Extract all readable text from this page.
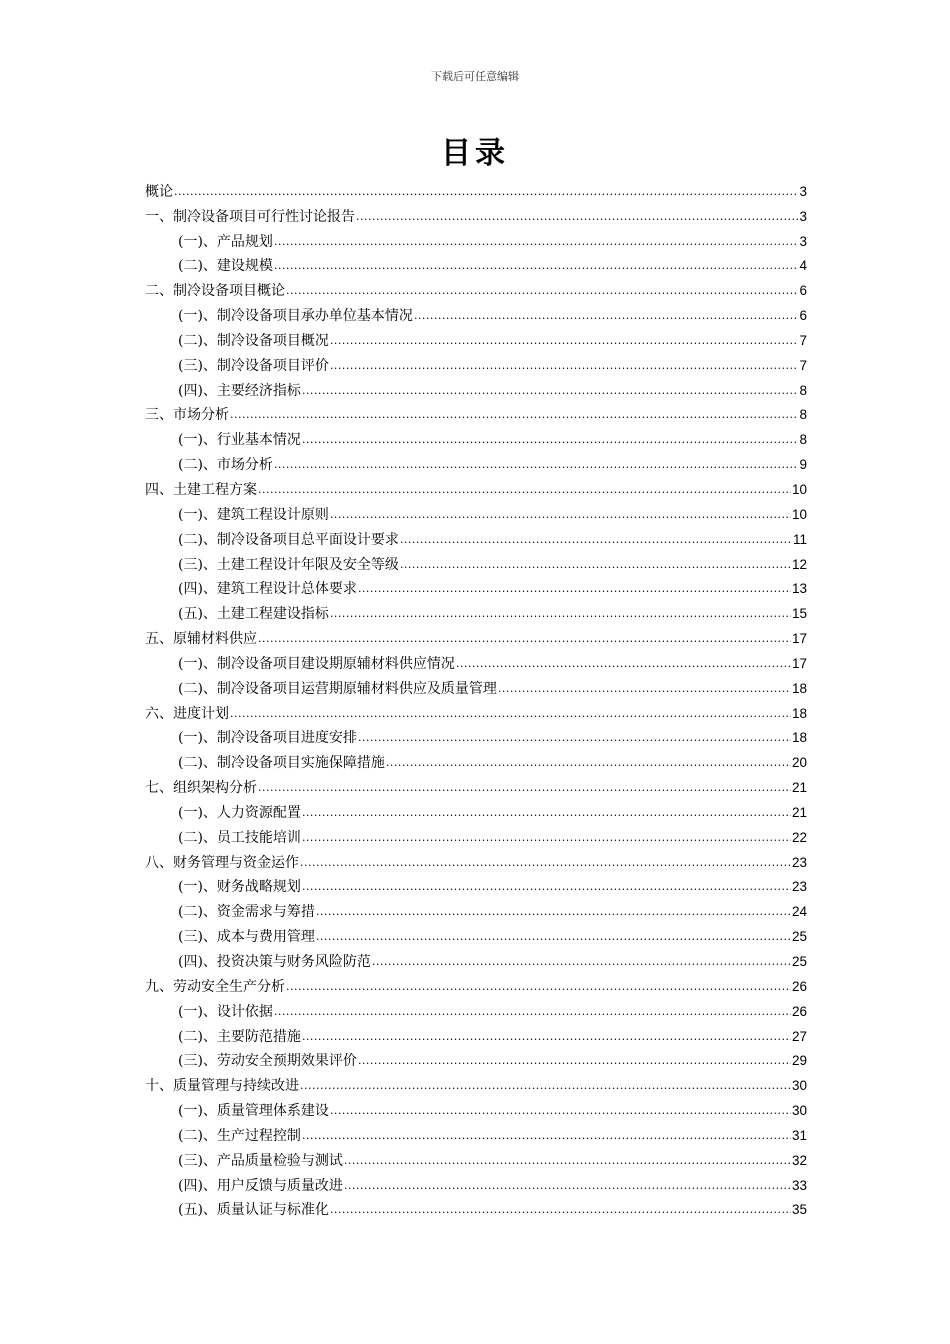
下载后可任意编辑
目录
概论 .....	3
一、制冷设备项目可行性讨论报告 .....	3
(一)、产品规划 .....	3
(二)、建设规模 .....	4
二、制冷设备项目概论 .....	6
(一)、制冷设备项目承办单位基本情况 .....	6
(二)、制冷设备项目概况 .....	7
(三)、制冷设备项目评价 .....	7
(四)、主要经济指标 .....	8
三、市场分析 .....	8
(一)、行业基本情况 .....	8
(二)、市场分析 .....	9
四、土建工程方案 .....	10
(一)、建筑工程设计原则 .....	10
(二)、制冷设备项目总平面设计要求 .....	11
(三)、土建工程设计年限及安全等级 .....	12
(四)、建筑工程设计总体要求 .....	13
(五)、土建工程建设指标 .....	15
五、原辅材料供应 .....	17
(一)、制冷设备项目建设期原辅材料供应情况 .....	17
(二)、制冷设备项目运营期原辅材料供应及质量管理 .....	18
六、进度计划 .....	18
(一)、制冷设备项目进度安排 .....	18
(二)、制冷设备项目实施保障措施 .....	20
七、组织架构分析 .....	21
(一)、人力资源配置 .....	21
(二)、员工技能培训 .....	22
八、财务管理与资金运作 .....	23
(一)、财务战略规划 .....	23
(二)、资金需求与筹措 .....	24
(三)、成本与费用管理 .....	25
(四)、投资决策与财务风险防范 .....	25
九、劳动安全生产分析 .....	26
(一)、设计依据 .....	26
(二)、主要防范措施 .....	27
(三)、劳动安全预期效果评价 .....	29
十、质量管理与持续改进 .....	30
(一)、质量管理体系建设 .....	30
(二)、生产过程控制 .....	31
(三)、产品质量检验与测试 .....	32
(四)、用户反馈与质量改进 .....	33
(五)、质量认证与标准化 .....	35
